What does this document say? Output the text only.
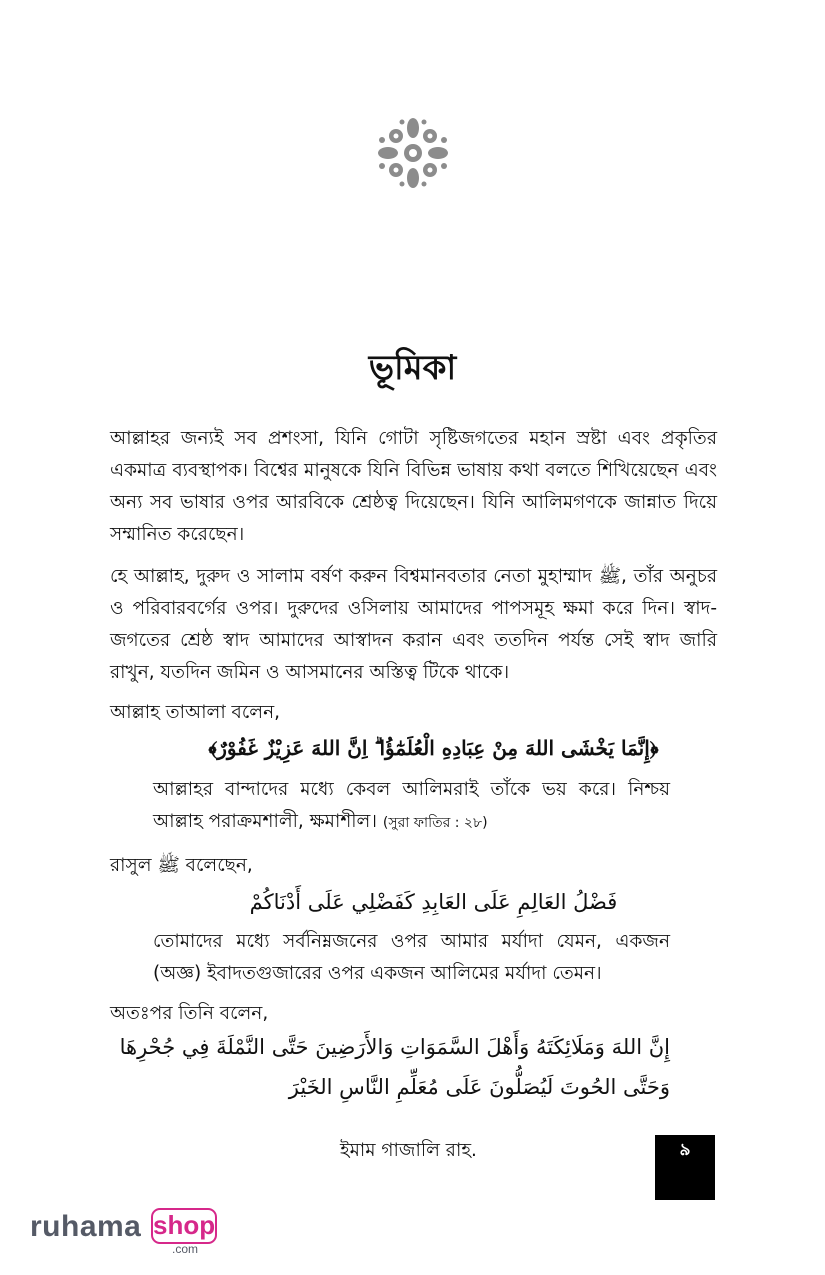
ভূমিকা

আল্লাহর জন্যই সব প্রশংসা, যিনি গোটা সৃষ্টিজগতের মহান স্রষ্টা এবং প্রকৃতির একমাত্র ব্যবস্থাপক। বিশ্বের মানুষকে যিনি বিভিন্ন ভাষায় কথা বলতে শিখিয়েছেন এবং অন্য সব ভাষার ওপর আরবিকে শ্রেষ্ঠত্ব দিয়েছেন। যিনি আলিমগণকে জান্নাত দিয়ে সম্মানিত করেছেন।

হে আল্লাহ, দুরুদ ও সালাম বর্ষণ করুন বিশ্বমানবতার নেতা মুহাম্মাদ ﷺ, তাঁর অনুচর ও পরিবারবর্গের ওপর। দুরুদের ওসিলায় আমাদের পাপসমূহ ক্ষমা করে দিন। স্বাদ-জগতের শ্রেষ্ঠ স্বাদ আমাদের আস্বাদন করান এবং ততদিন পর্যন্ত সেই স্বাদ জারি রাখুন, যতদিন জমিন ও আসমানের অস্তিত্ব টিকে থাকে।

আল্লাহ তাআলা বলেন,

﴿إِنَّمَا يَخْشَى اللهَ مِنْ عِبَادِهِ الْعُلَمٰٓؤُا ۗ اِنَّ اللهَ عَزِيْزٌ غَفُوْرٌ﴾

আল্লাহর বান্দাদের মধ্যে কেবল আলিমরাই তাঁকে ভয় করে। নিশ্চয় আল্লাহ পরাক্রমশালী, ক্ষমাশীল। (সুরা ফাতির : ২৮)

রাসুল ﷺ বলেছেন,

فَضْلُ العَالِمِ عَلَى العَابِدِ كَفَضْلِي عَلَى أَدْنَاكُمْ

তোমাদের মধ্যে সর্বনিম্নজনের ওপর আমার মর্যাদা যেমন, একজন (অজ্ঞ) ইবাদতগুজারের ওপর একজন আলিমের মর্যাদা তেমন।

অতঃপর তিনি বলেন,

إِنَّ اللهَ وَمَلَائِكَتَهُ وَأَهْلَ السَّمَوَاتِ وَالأَرَضِينَ حَتَّى النَّمْلَةَ فِي جُحْرِهَا
وَحَتَّى الحُوتَ لَيُصَلُّونَ عَلَى مُعَلِّمِ النَّاسِ الخَيْرَ

ইমাম গাজালি রাহ.	৯
ruhama shop
.com
